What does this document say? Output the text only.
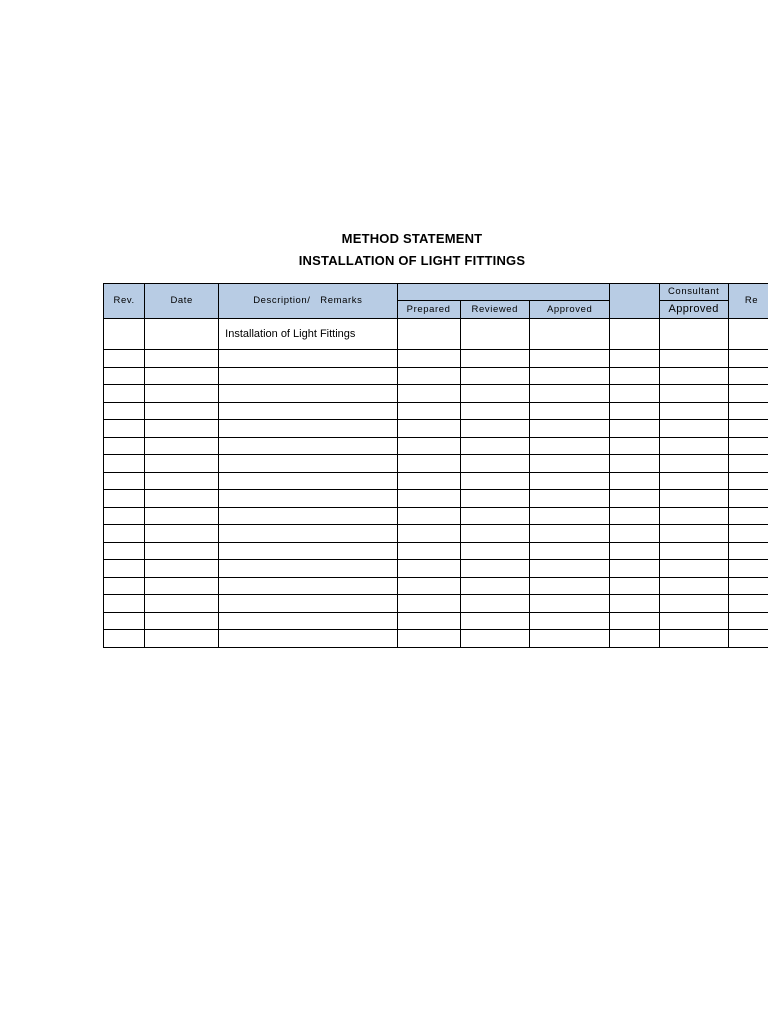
METHOD STATEMENT
INSTALLATION OF LIGHT FITTINGS
Rev.	Date	Description/   Remarks					Consultant	Re
			Prepared	Reviewed	Approved		Approved	
		Installation of Light Fittings						
